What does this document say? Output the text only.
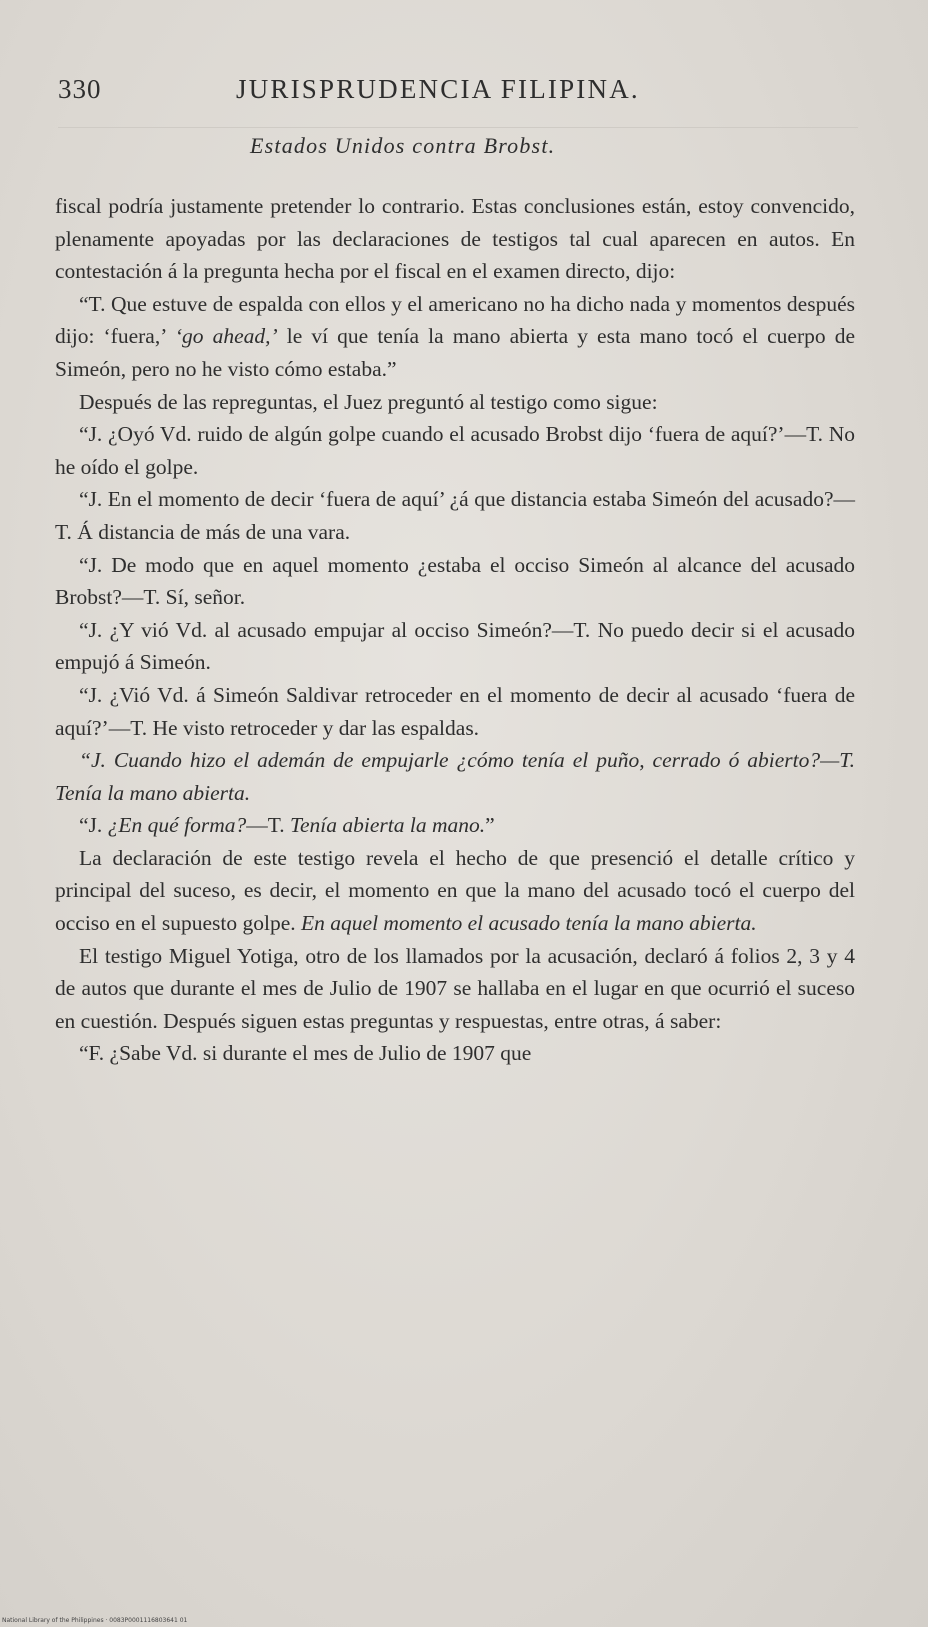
330	JURISPRUDENCIA FILIPINA.
Estados Unidos contra Brobst.

fiscal podría justamente pretender lo contrario. Estas conclusiones están, estoy convencido, plenamente apoyadas por las declaraciones de testigos tal cual aparecen en autos. En contestación á la pregunta hecha por el fiscal en el examen directo, dijo:

“T. Que estuve de espalda con ellos y el americano no ha dicho nada y momentos después dijo: ‘fuera,’ ‘go ahead,’ le ví que tenía la mano abierta y esta mano tocó el cuerpo de Simeón, pero no he visto cómo estaba.”

Después de las repreguntas, el Juez preguntó al testigo como sigue:

“J. ¿Oyó Vd. ruido de algún golpe cuando el acusado Brobst dijo ‘fuera de aquí?’—T. No he oído el golpe.

“J. En el momento de decir ‘fuera de aquí’ ¿á que distancia estaba Simeón del acusado?—T. Á distancia de más de una vara.

“J. De modo que en aquel momento ¿estaba el occiso Simeón al alcance del acusado Brobst?—T. Sí, señor.

“J. ¿Y vió Vd. al acusado empujar al occiso Simeón?—T. No puedo decir si el acusado empujó á Simeón.

“J. ¿Vió Vd. á Simeón Saldivar retroceder en el momento de decir al acusado ‘fuera de aquí?’—T. He visto retroceder y dar las espaldas.

“J. Cuando hizo el ademán de empujarle ¿cómo tenía el puño, cerrado ó abierto?—T. Tenía la mano abierta.

“J. ¿En qué forma?—T. Tenía abierta la mano.”

La declaración de este testigo revela el hecho de que presenció el detalle crítico y principal del suceso, es decir, el momento en que la mano del acusado tocó el cuerpo del occiso en el supuesto golpe. En aquel momento el acusado tenía la mano abierta.

El testigo Miguel Yotiga, otro de los llamados por la acusación, declaró á folios 2, 3 y 4 de autos que durante el mes de Julio de 1907 se hallaba en el lugar en que ocurrió el suceso en cuestión. Después siguen estas preguntas y respuestas, entre otras, á saber:

“F. ¿Sabe Vd. si durante el mes de Julio de 1907 que

National Library of the Philippines · 0083P0001116803641 01
